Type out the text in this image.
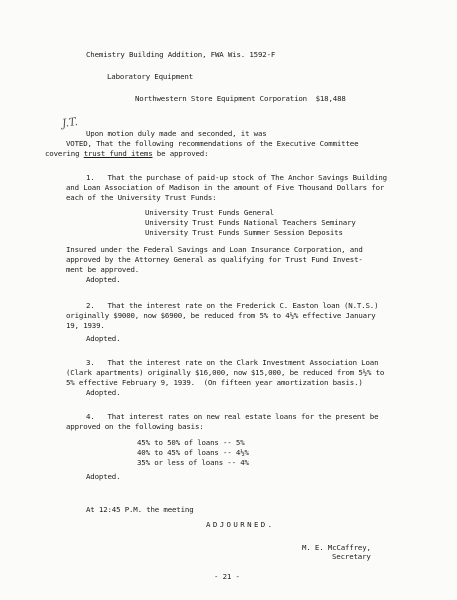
Chemistry Building Addition, FWA Wis. 1592-F
Laboratory Equipment
Northwestern Store Equipment Corporation  $18,488
J.T.
Upon motion duly made and seconded, it was
VOTED, That the following recommendations of the Executive Committee
covering trust fund items be approved:
1.   That the purchase of paid-up stock of The Anchor Savings Building
and Loan Association of Madison in the amount of Five Thousand Dollars for
each of the University Trust Funds:
University Trust Funds General
University Trust Funds National Teachers Seminary
University Trust Funds Summer Session Deposits
Insured under the Federal Savings and Loan Insurance Corporation, and
approved by the Attorney General as qualifying for Trust Fund Invest-
ment be approved.
Adopted.
2.   That the interest rate on the Frederick C. Easton loan (N.T.S.)
originally $9000, now $6900, be reduced from 5% to 4½% effective January
19, 1939.
Adopted.
3.   That the interest rate on the Clark Investment Association Loan
(Clark apartments) originally $16,000, now $15,000, be reduced from 5½% to
5% effective February 9, 1939.  (On fifteen year amortization basis.)
Adopted.
4.   That interest rates on new real estate loans for the present be
approved on the following basis:
45% to 50% of loans -- 5%
40% to 45% of loans -- 4½%
35% or less of loans -- 4%
Adopted.
At 12:45 P.M. the meeting
ADJOURNED.
M. E. McCaffrey,
Secretary
- 21 -
